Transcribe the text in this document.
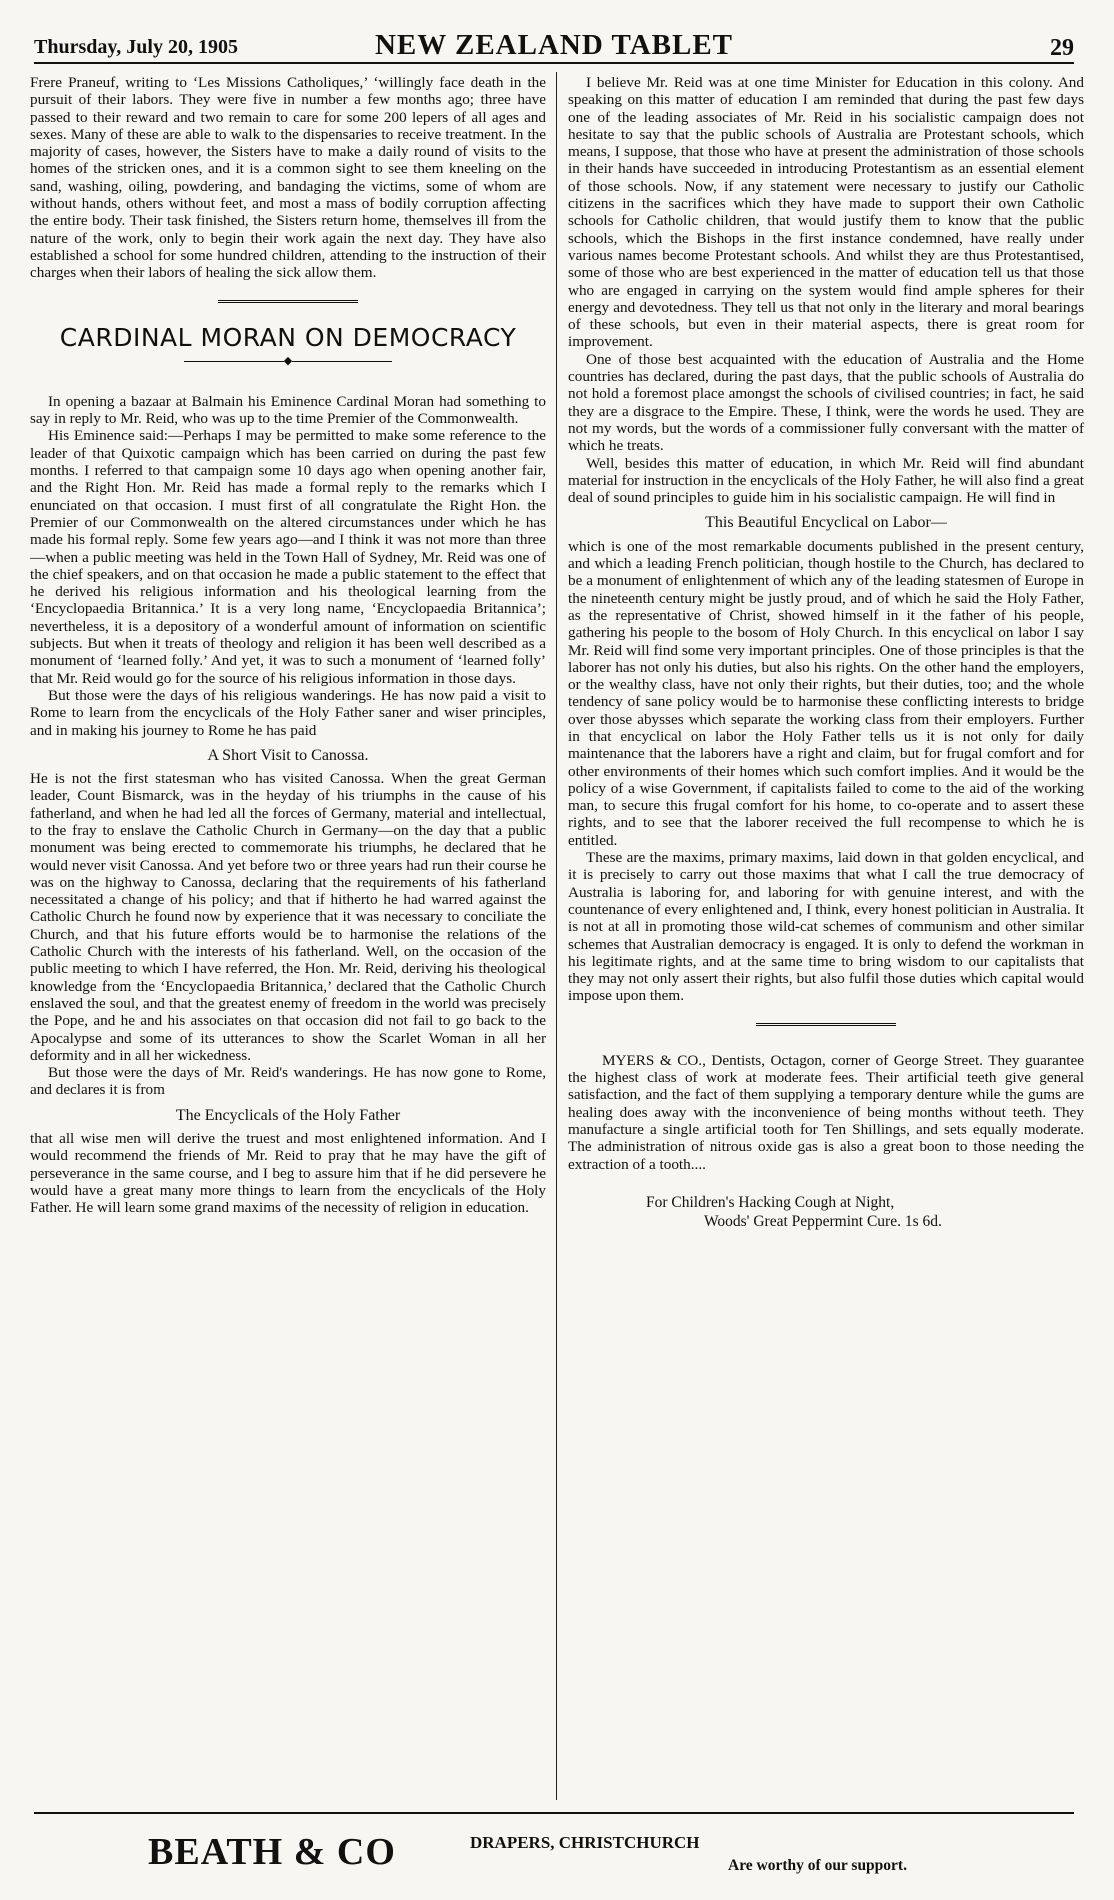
Thursday, July 20, 1905	NEW ZEALAND TABLET	29

Frere Praneuf, writing to ‘Les Missions Catholiques,’ ‘willingly face death in the pursuit of their labors. They were five in number a few months ago; three have passed to their reward and two remain to care for some 200 lepers of all ages and sexes. Many of these are able to walk to the dispensaries to receive treatment. In the majority of cases, however, the Sisters have to make a daily round of visits to the homes of the stricken ones, and it is a common sight to see them kneeling on the sand, washing, oiling, powdering, and bandaging the victims, some of whom are without hands, others without feet, and most a mass of bodily corruption affecting the entire body. Their task finished, the Sisters return home, themselves ill from the nature of the work, only to begin their work again the next day. They have also established a school for some hundred children, attending to the instruction of their charges when their labors of healing the sick allow them.

CARDINAL MORAN ON DEMOCRACY
◆

In opening a bazaar at Balmain his Eminence Cardinal Moran had something to say in reply to Mr. Reid, who was up to the time Premier of the Commonwealth.

His Eminence said:—Perhaps I may be permitted to make some reference to the leader of that Quixotic campaign which has been carried on during the past few months. I referred to that campaign some 10 days ago when opening another fair, and the Right Hon. Mr. Reid has made a formal reply to the remarks which I enunciated on that occasion. I must first of all congratulate the Right Hon. the Premier of our Commonwealth on the altered circumstances under which he has made his formal reply. Some few years ago—and I think it was not more than three—when a public meeting was held in the Town Hall of Sydney, Mr. Reid was one of the chief speakers, and on that occasion he made a public statement to the effect that he derived his religious information and his theological learning from the ‘Encyclopaedia Britannica.’ It is a very long name, ‘Encyclopaedia Britannica’; nevertheless, it is a depository of a wonderful amount of information on scientific subjects. But when it treats of theology and religion it has been well described as a monument of ‘learned folly.’ And yet, it was to such a monument of ‘learned folly’ that Mr. Reid would go for the source of his religious information in those days.

But those were the days of his religious wanderings. He has now paid a visit to Rome to learn from the encyclicals of the Holy Father saner and wiser principles, and in making his journey to Rome he has paid

A Short Visit to Canossa.

He is not the first statesman who has visited Canossa. When the great German leader, Count Bismarck, was in the heyday of his triumphs in the cause of his fatherland, and when he had led all the forces of Germany, material and intellectual, to the fray to enslave the Catholic Church in Germany—on the day that a public monument was being erected to commemorate his triumphs, he declared that he would never visit Canossa. And yet before two or three years had run their course he was on the highway to Canossa, declaring that the requirements of his fatherland necessitated a change of his policy; and that if hitherto he had warred against the Catholic Church he found now by experience that it was necessary to conciliate the Church, and that his future efforts would be to harmonise the relations of the Catholic Church with the interests of his fatherland. Well, on the occasion of the public meeting to which I have referred, the Hon. Mr. Reid, deriving his theological knowledge from the ‘Encyclopaedia Britannica,’ declared that the Catholic Church enslaved the soul, and that the greatest enemy of freedom in the world was precisely the Pope, and he and his associates on that occasion did not fail to go back to the Apocalypse and some of its utterances to show the Scarlet Woman in all her deformity and in all her wickedness.

But those were the days of Mr. Reid's wanderings. He has now gone to Rome, and declares it is from

The Encyclicals of the Holy Father

that all wise men will derive the truest and most enlightened information. And I would recommend the friends of Mr. Reid to pray that he may have the gift of perseverance in the same course, and I beg to assure him that if he did persevere he would have a great many more things to learn from the encyclicals of the Holy Father. He will learn some grand maxims of the necessity of religion in education.

I believe Mr. Reid was at one time Minister for Education in this colony. And speaking on this matter of education I am reminded that during the past few days one of the leading associates of Mr. Reid in his socialistic campaign does not hesitate to say that the public schools of Australia are Protestant schools, which means, I suppose, that those who have at present the administration of those schools in their hands have succeeded in introducing Protestantism as an essential element of those schools. Now, if any statement were necessary to justify our Catholic citizens in the sacrifices which they have made to support their own Catholic schools for Catholic children, that would justify them to know that the public schools, which the Bishops in the first instance condemned, have really under various names become Protestant schools. And whilst they are thus Protestantised, some of those who are best experienced in the matter of education tell us that those who are engaged in carrying on the system would find ample spheres for their energy and devotedness. They tell us that not only in the literary and moral bearings of these schools, but even in their material aspects, there is great room for improvement.

One of those best acquainted with the education of Australia and the Home countries has declared, during the past days, that the public schools of Australia do not hold a foremost place amongst the schools of civilised countries; in fact, he said they are a disgrace to the Empire. These, I think, were the words he used. They are not my words, but the words of a commissioner fully conversant with the matter of which he treats.

Well, besides this matter of education, in which Mr. Reid will find abundant material for instruction in the encyclicals of the Holy Father, he will also find a great deal of sound principles to guide him in his socialistic campaign. He will find in

This Beautiful Encyclical on Labor—

which is one of the most remarkable documents published in the present century, and which a leading French politician, though hostile to the Church, has declared to be a monument of enlightenment of which any of the leading statesmen of Europe in the nineteenth century might be justly proud, and of which he said the Holy Father, as the representative of Christ, showed himself in it the father of his people, gathering his people to the bosom of Holy Church. In this encyclical on labor I say Mr. Reid will find some very important principles. One of those principles is that the laborer has not only his duties, but also his rights. On the other hand the employers, or the wealthy class, have not only their rights, but their duties, too; and the whole tendency of sane policy would be to harmonise these conflicting interests to bridge over those abysses which separate the working class from their employers. Further in that encyclical on labor the Holy Father tells us it is not only for daily maintenance that the laborers have a right and claim, but for frugal comfort and for other environments of their homes which such comfort implies. And it would be the policy of a wise Government, if capitalists failed to come to the aid of the working man, to secure this frugal comfort for his home, to co-operate and to assert these rights, and to see that the laborer received the full recompense to which he is entitled.

These are the maxims, primary maxims, laid down in that golden encyclical, and it is precisely to carry out those maxims that what I call the true democracy of Australia is laboring for, and laboring for with genuine interest, and with the countenance of every enlightened and, I think, every honest politician in Australia. It is not at all in promoting those wild-cat schemes of communism and other similar schemes that Australian democracy is engaged. It is only to defend the workman in his legitimate rights, and at the same time to bring wisdom to our capitalists that they may not only assert their rights, but also fulfil those duties which capital would impose upon them.

MYERS & CO., Dentists, Octagon, corner of George Street. They guarantee the highest class of work at moderate fees. Their artificial teeth give general satisfaction, and the fact of them supplying a temporary denture while the gums are healing does away with the inconvenience of being months without teeth. They manufacture a single artificial tooth for Ten Shillings, and sets equally moderate. The administration of nitrous oxide gas is also a great boon to those needing the extraction of a tooth....

For Children's Hacking Cough at Night,
Woods' Great Peppermint Cure. 1s 6d.
BEATH & CO	DRAPERS, CHRISTCHURCH
Are worthy of our support.
